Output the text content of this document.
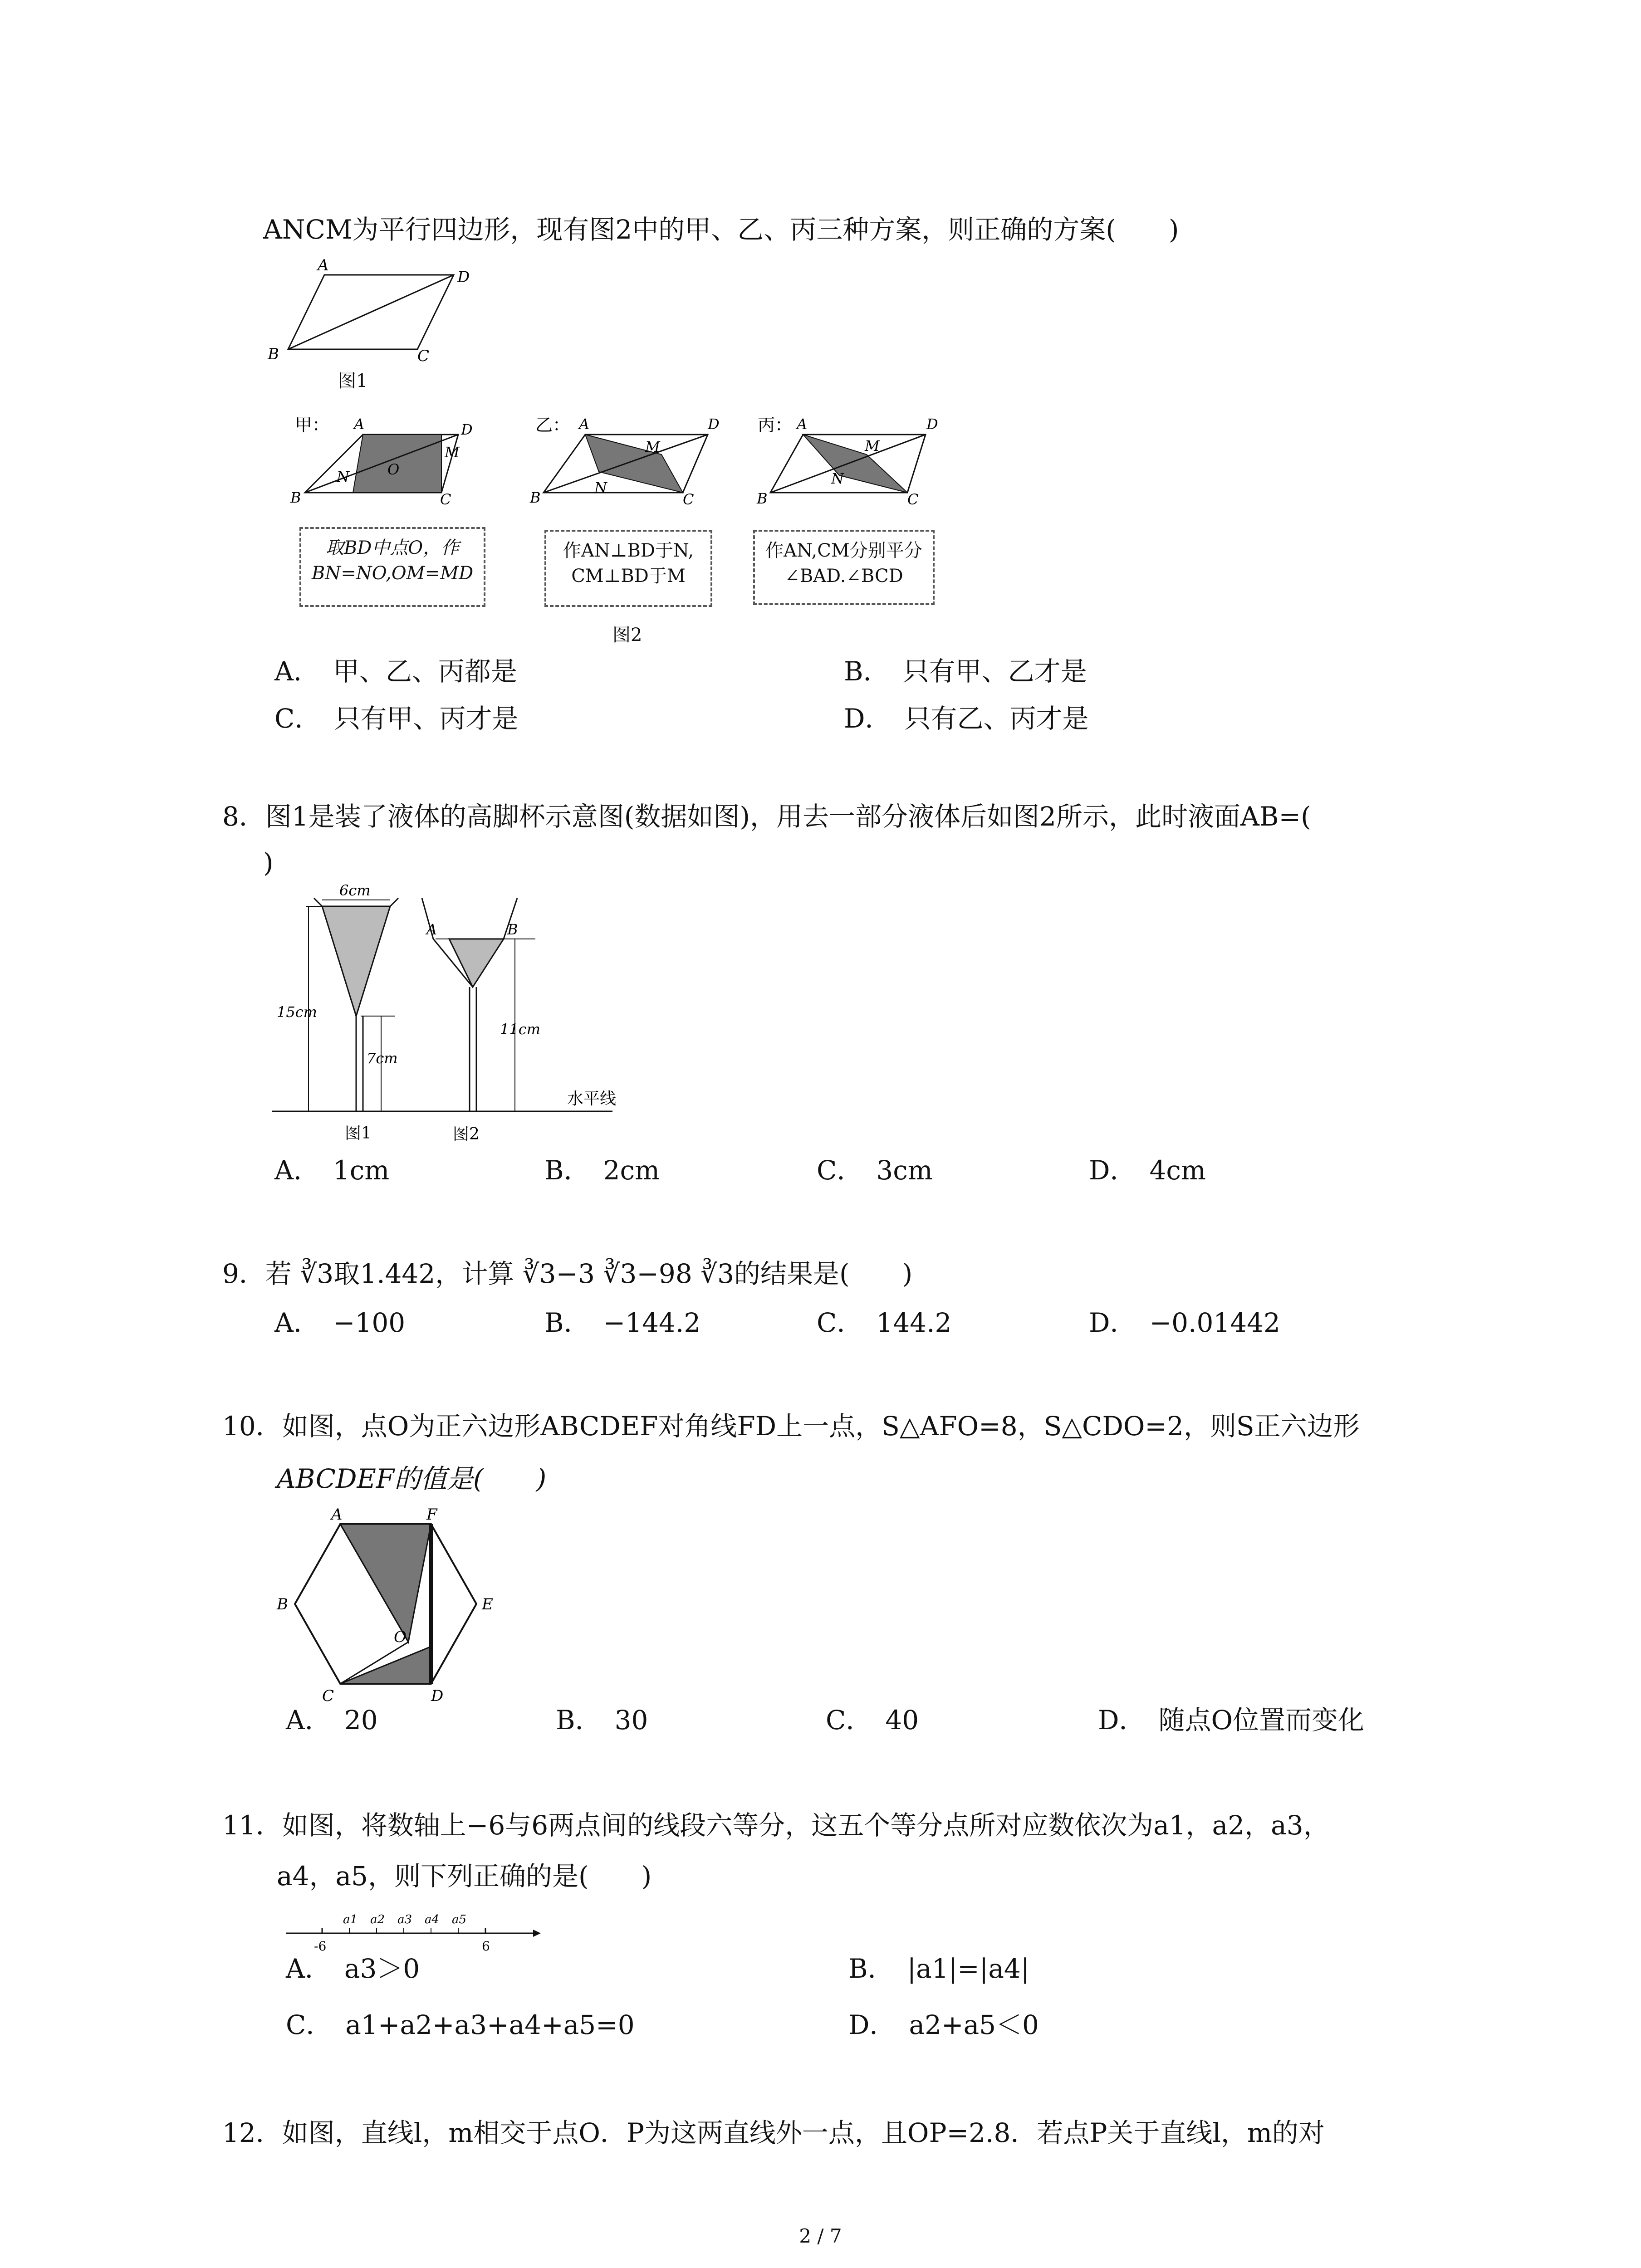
ANCM为平行四边形，现有图2中的甲、乙、丙三种方案，则正确的方案(　　)
A
D
B	C
图1
甲： A	D
B	C
M
N	O
乙： A	D
B	C
M
N
丙： A	D
B	C
M
N
取BD中点O，作
BN=NO,OM=MD
作AN⊥BD于N,
CM⊥BD于M
作AN,CM分别平分
∠BAD.∠BCD
图2
A．　甲、乙、丙都是	B．　只有甲、乙才是
C．　只有甲、丙才是	D．　只有乙、丙才是
8．图1是装了液体的高脚杯示意图(数据如图)，用去一部分液体后如图2所示，此时液面AB=(
)
水平线
6cm
15cm
7cm
A	B
11cm
图1	图2
A．　1cm	B．　2cm	C．　3cm	D．　4cm
9．若 ∛3取1.442，计算 ∛3−3 ∛3−98 ∛3的结果是(　　)
A．　−100	B．　−144.2	C．　144.2	D．　−0.01442
10．如图，点O为正六边形ABCDEF对角线FD上一点，S△AFO=8，S△CDO=2，则S正六边形
ABCDEF的值是(　　)
A	F
B	E
C	D
O
A．　20	B．　30	C．　40	D．　随点O位置而变化
11．如图，将数轴上−6与6两点间的线段六等分，这五个等分点所对应数依次为a1，a2，a3，
a4，a5，则下列正确的是(　　)
a1 a2 a3 a4 a5
-6	6
A．　a3＞0	B．　|a1|=|a4|
C．　a1+a2+a3+a4+a5=0	D．　a2+a5＜0
12．如图，直线l，m相交于点O．P为这两直线外一点，且OP=2.8．若点P关于直线l，m的对
2 / 7
